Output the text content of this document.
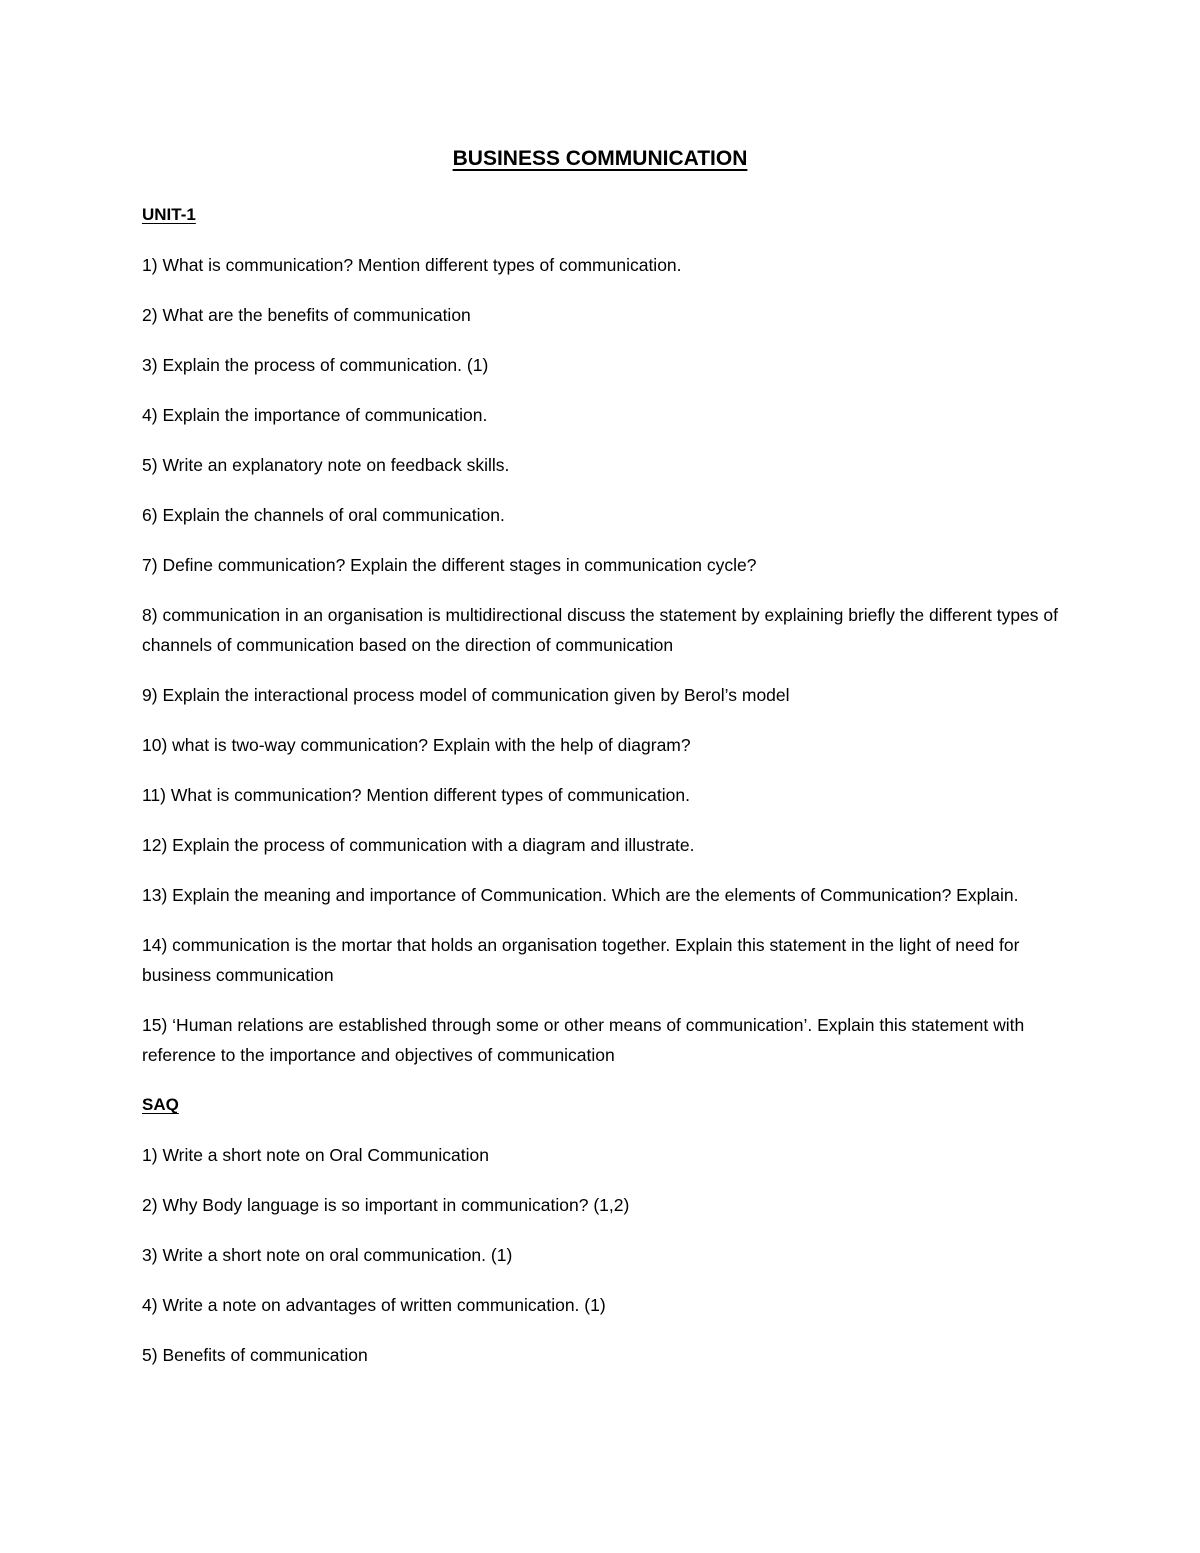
BUSINESS COMMUNICATION
UNIT-1
1) What is communication? Mention different types of communication.
2) What are the benefits of communication
3) Explain the process of communication. (1)
4) Explain the importance of communication.
5) Write an explanatory note on feedback skills.
6) Explain the channels of oral communication.
7) Define communication? Explain the different stages in communication cycle?
8) communication in an organisation is multidirectional discuss the statement by explaining briefly the different types of channels of communication based on the direction of communication
9) Explain the interactional process model of communication given by Berol’s model
10) what is two-way communication? Explain with the help of diagram?
11) What is communication? Mention different types of communication.
12) Explain the process of communication with a diagram and illustrate.
13) Explain the meaning and importance of Communication. Which are the elements of Communication? Explain.
14) communication is the mortar that holds an organisation together. Explain this statement in the light of need for business communication
15) ‘Human relations are established through some or other means of communication’. Explain this statement with reference to the importance and objectives of communication
SAQ
1) Write a short note on Oral Communication
2) Why Body language is so important in communication? (1,2)
3) Write a short note on oral communication. (1)
4) Write a note on advantages of written communication. (1)
5) Benefits of communication
